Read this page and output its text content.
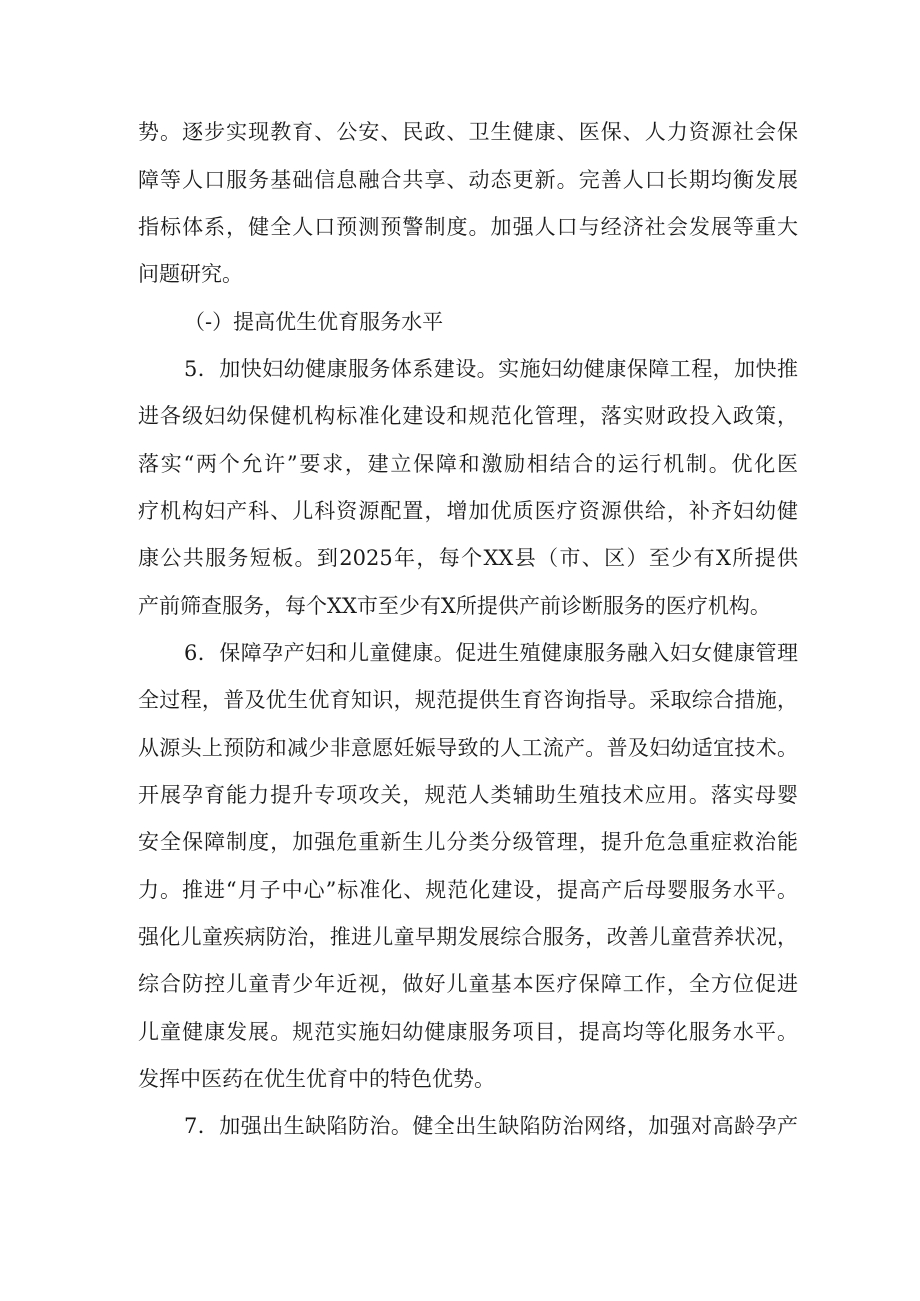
势。逐步实现教育、公安、民政、卫生健康、医保、人力资源社会保
障等人口服务基础信息融合共享、动态更新。完善人口长期均衡发展
指标体系，健全人口预测预警制度。加强人口与经济社会发展等重大
问题研究。
（-）提高优生优育服务水平
5．加快妇幼健康服务体系建设。实施妇幼健康保障工程，加快推
进各级妇幼保健机构标准化建设和规范化管理，落实财政投入政策，
落实“两个允许”要求，建立保障和激励相结合的运行机制。优化医
疗机构妇产科、儿科资源配置，增加优质医疗资源供给，补齐妇幼健
康公共服务短板。到2025年，每个XX县（市、区）至少有X所提供
产前筛查服务，每个XX市至少有X所提供产前诊断服务的医疗机构。
6．保障孕产妇和儿童健康。促进生殖健康服务融入妇女健康管理
全过程，普及优生优育知识，规范提供生育咨询指导。采取综合措施，
从源头上预防和减少非意愿妊娠导致的人工流产。普及妇幼适宜技术。
开展孕育能力提升专项攻关，规范人类辅助生殖技术应用。落实母婴
安全保障制度，加强危重新生儿分类分级管理，提升危急重症救治能
力。推进“月子中心”标准化、规范化建设，提高产后母婴服务水平。
强化儿童疾病防治，推进儿童早期发展综合服务，改善儿童营养状况，
综合防控儿童青少年近视，做好儿童基本医疗保障工作，全方位促进
儿童健康发展。规范实施妇幼健康服务项目，提高均等化服务水平。
发挥中医药在优生优育中的特色优势。
7．加强出生缺陷防治。健全出生缺陷防治网络，加强对高龄孕产
